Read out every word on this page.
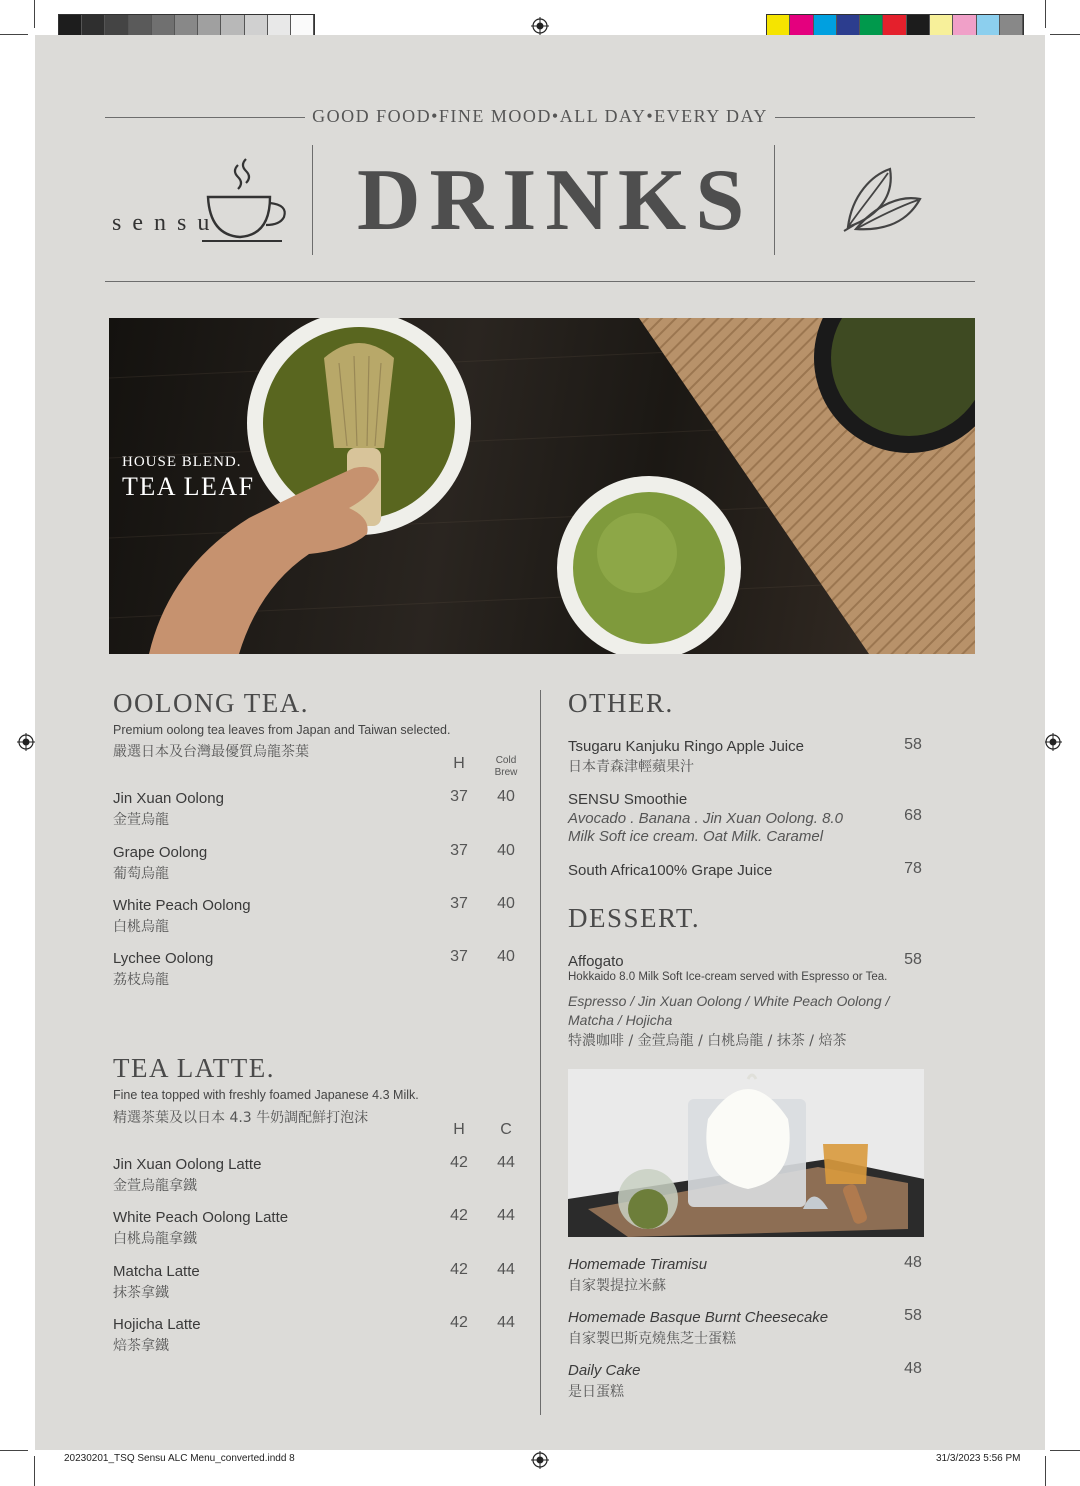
GOOD FOOD•FINE MOOD•ALL DAY•EVERY DAY
sensu DRINKS
HOUSE BLEND.
TEA LEAF
OOLONG TEA.
Premium oolong tea leaves from Japan and Taiwan selected.
嚴選日本及台灣最優質烏龍茶葉
H	Cold
Brew
Jin Xuan Oolong
金萱烏龍
37	40
Grape Oolong
葡萄烏龍
37	40
White Peach Oolong
白桃烏龍
37	40
Lychee Oolong
荔枝烏龍
37	40
TEA LATTE.
Fine tea topped with freshly foamed Japanese 4.3 Milk.
精選茶葉及以日本 4.3 牛奶調配鮮打泡沫
H	C
Jin Xuan Oolong Latte
金萱烏龍拿鐵
42	44
White Peach Oolong Latte
白桃烏龍拿鐵
42	44
Matcha Latte
抹茶拿鐵
42	44
Hojicha Latte
焙茶拿鐵
42	44
OTHER.
Tsugaru Kanjuku Ringo Apple Juice
日本青森津輕蘋果汁
58
SENSU Smoothie
Avocado . Banana . Jin Xuan Oolong. 8.0
Milk Soft ice cream. Oat Milk. Caramel
68
South Africa100% Grape Juice	78
DESSERT.
Affogato	58
Hokkaido 8.0 Milk Soft Ice-cream served with Espresso or Tea.
Espresso / Jin Xuan Oolong / White Peach Oolong /
Matcha / Hojicha
特濃咖啡 / 金萱烏龍 / 白桃烏龍 / 抹茶 / 焙茶
Homemade Tiramisu
自家製提拉米蘇
48
Homemade Basque Burnt Cheesecake
自家製巴斯克燒焦芝士蛋糕
58
Daily Cake
是日蛋糕
48
20230201_TSQ Sensu ALC Menu_converted.indd 8	31/3/2023 5:56 PM
